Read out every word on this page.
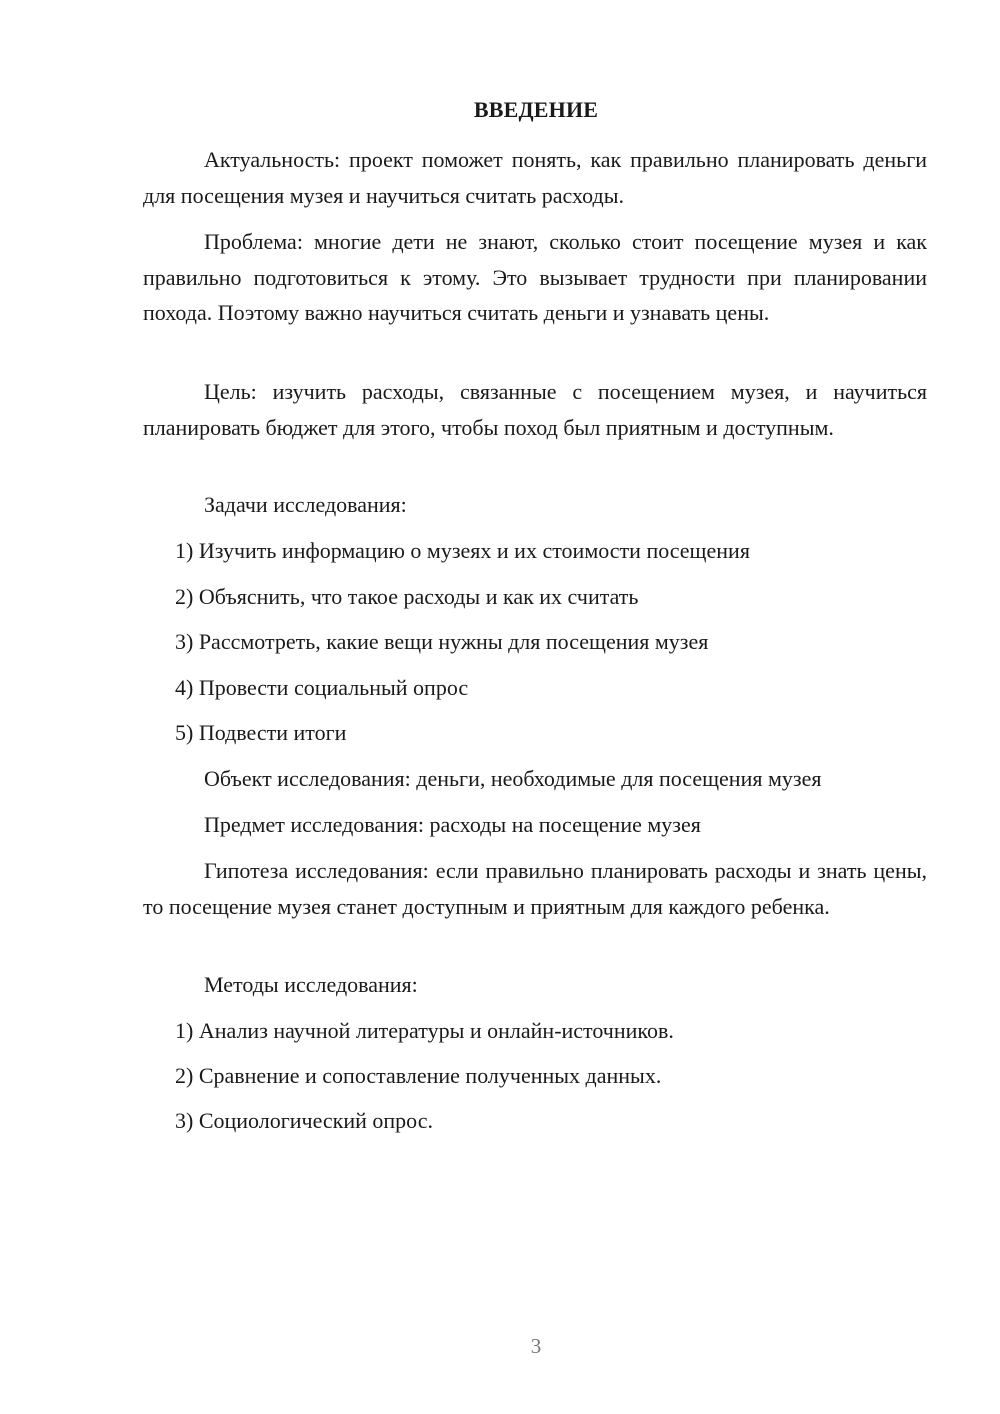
ВВЕДЕНИЕ
Актуальность: проект поможет понять, как правильно планировать деньги для посещения музея и научиться считать расходы.
Проблема: многие дети не знают, сколько стоит посещение музея и как правильно подготовиться к этому. Это вызывает трудности при планировании похода. Поэтому важно научиться считать деньги и узнавать цены.
Цель: изучить расходы, связанные с посещением музея, и научиться планировать бюджет для этого, чтобы поход был приятным и доступным.
Задачи исследования:
1) Изучить информацию о музеях и их стоимости посещения
2) Объяснить, что такое расходы и как их считать
3) Рассмотреть, какие вещи нужны для посещения музея
4) Провести социальный опрос
5) Подвести итоги
Объект исследования: деньги, необходимые для посещения музея
Предмет исследования: расходы на посещение музея
Гипотеза исследования: если правильно планировать расходы и знать цены, то посещение музея станет доступным и приятным для каждого ребенка.
Методы исследования:
1) Анализ научной литературы и онлайн-источников.
2) Сравнение и сопоставление полученных данных.
3) Социологический опрос.
3
